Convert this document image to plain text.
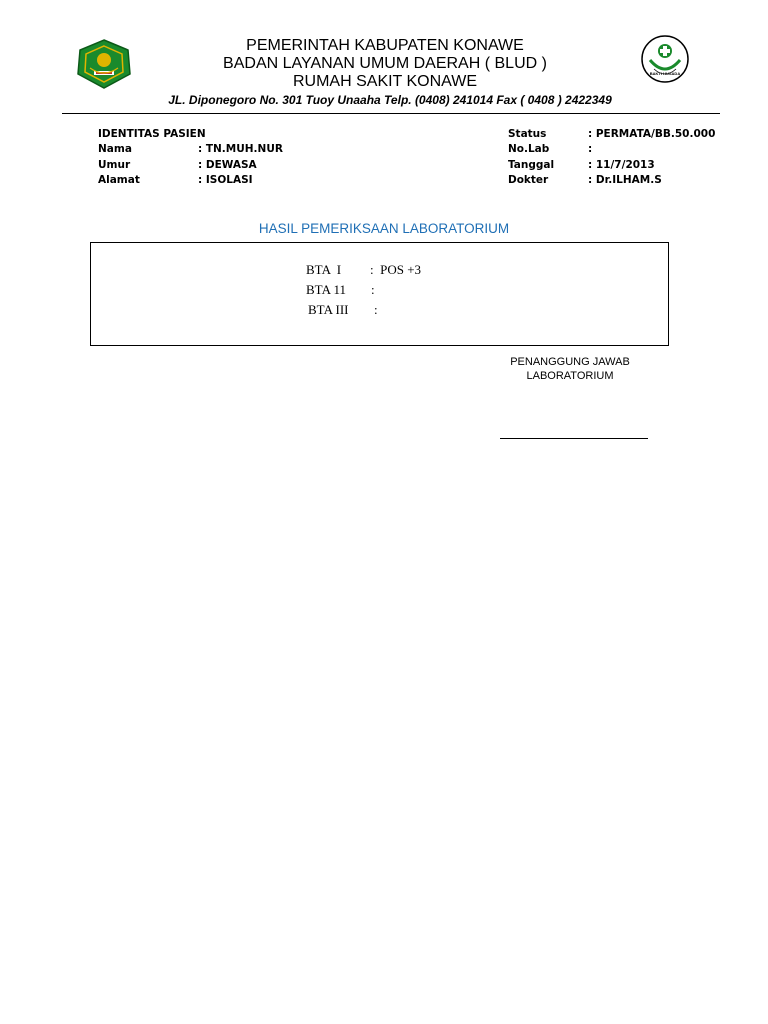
BAKTI HUSADA
PEMERINTAH KABUPATEN KONAWE
BADAN LAYANAN UMUM DAERAH ( BLUD )
RUMAH SAKIT KONAWE
JL. Diponegoro No. 301 Tuoy Unaaha Telp. (0408) 241014 Fax ( 0408 ) 2422349
IDENTITAS PASIEN
Nama	: TN.MUH.NUR
Umur	: DEWASA
Alamat	: ISOLASI
Status	: PERMATA/BB.50.000
No.Lab	:
Tanggal	: 11/7/2013
Dokter	: Dr.ILHAM.S
HASIL PEMERIKSAAN LABORATORIUM
BTA  I :  POS +3
BTA 11 :
BTA III :
PENANGGUNG JAWAB
LABORATORIUM
